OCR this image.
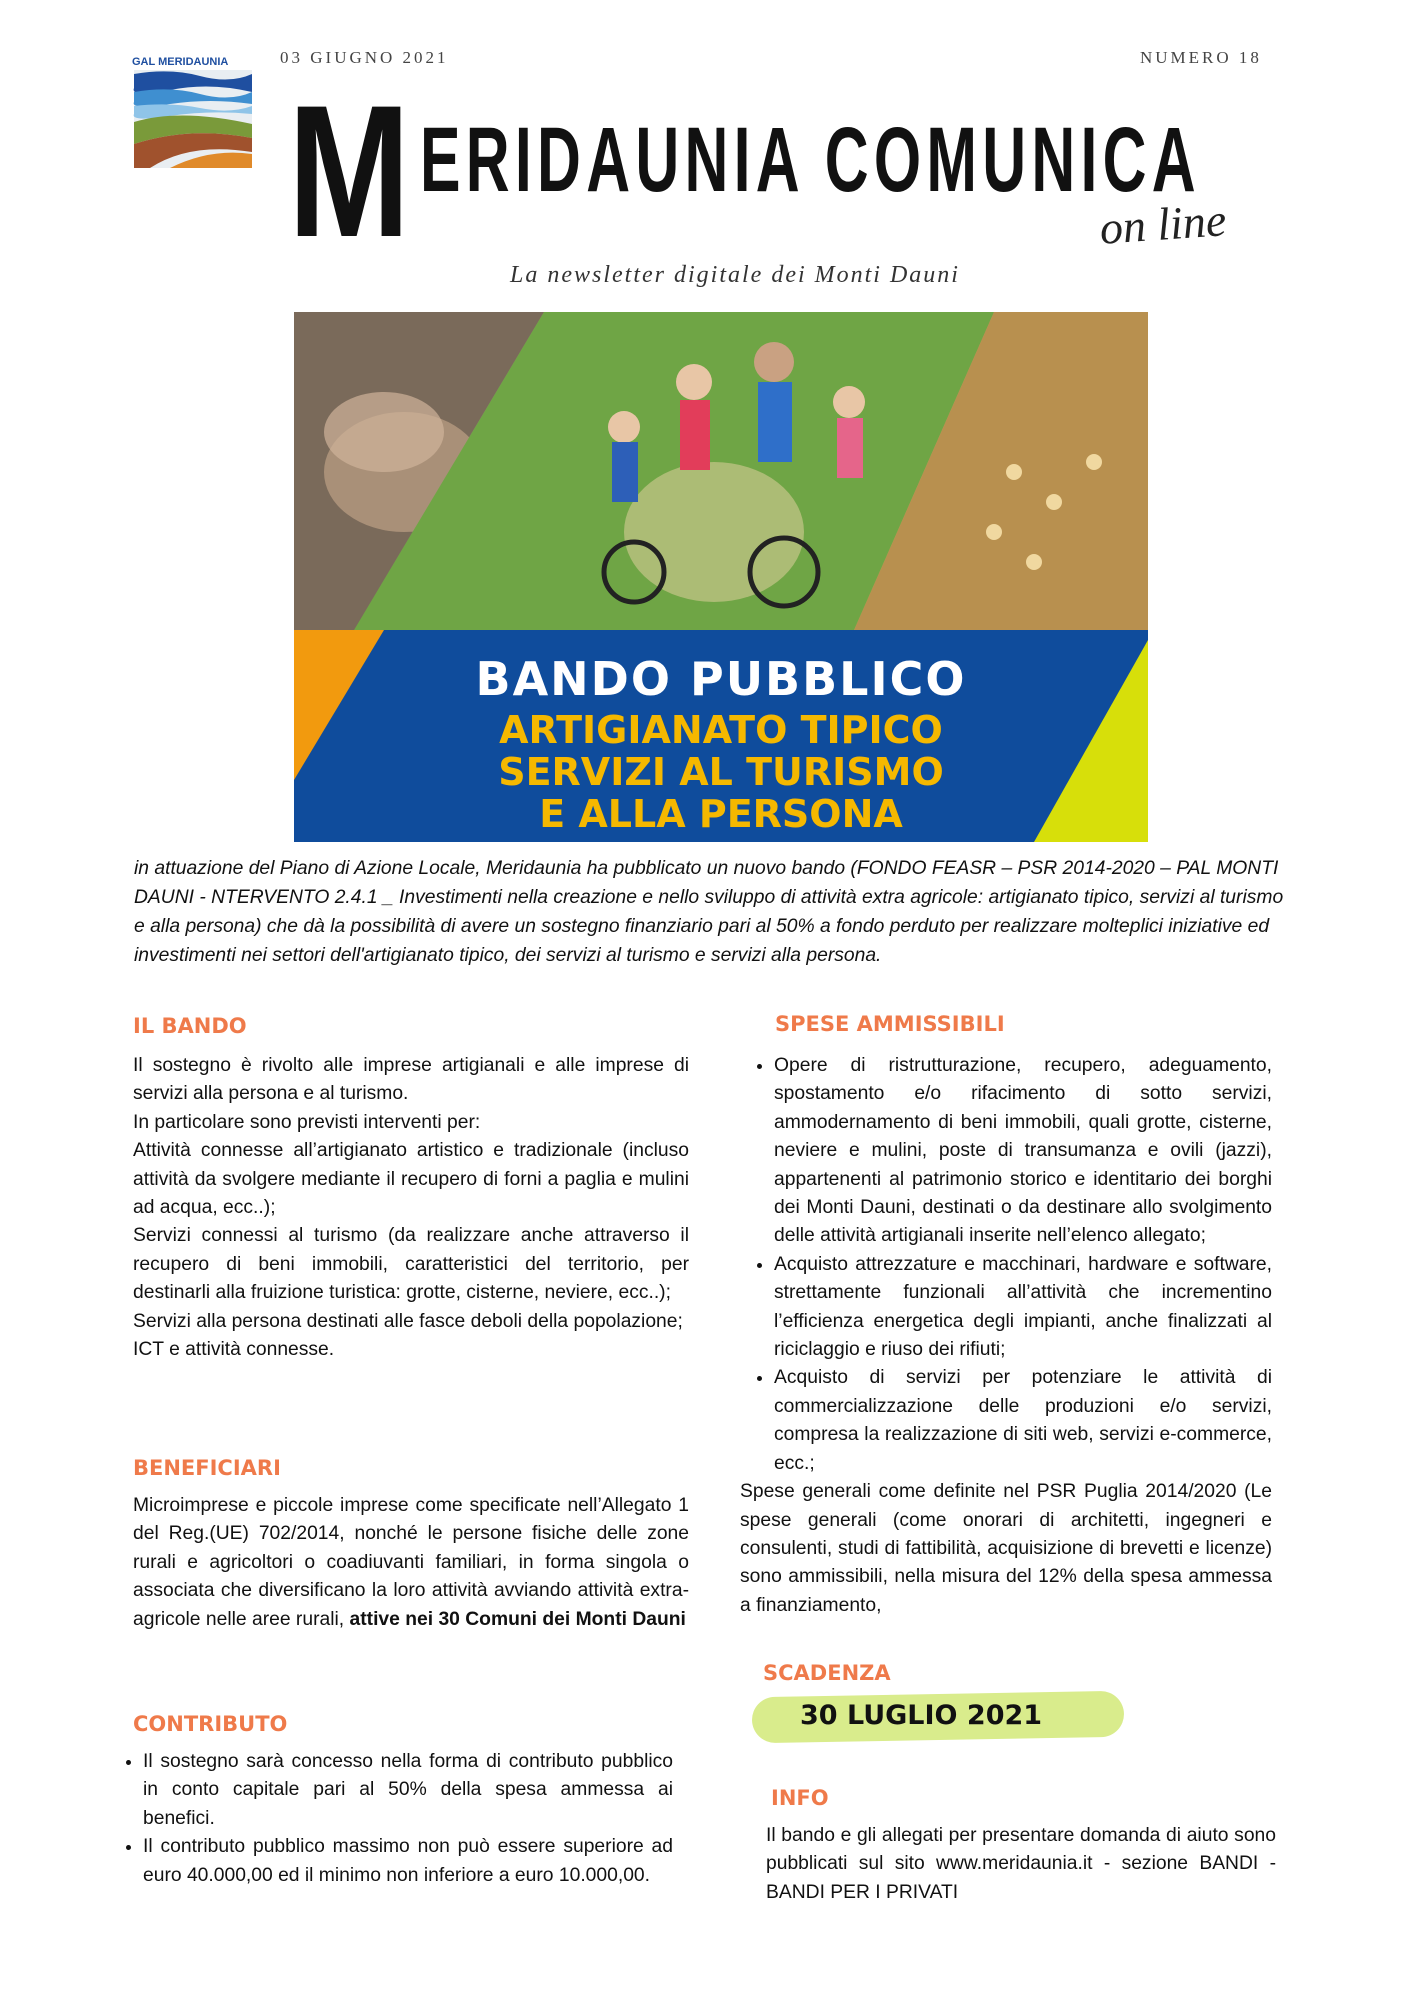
GAL MERIDAUNIA	03 GIUGNO 2021	NUMERO 18
M ERIDAUNIA COMUNICA
on line
La newsletter digitale dei Monti Dauni
BANDO PUBBLICO
ARTIGIANATO TIPICO
SERVIZI AL TURISMO
E ALLA PERSONA
in attuazione del Piano di Azione Locale, Meridaunia ha pubblicato un nuovo bando (FONDO FEASR – PSR 2014-2020 – PAL MONTI DAUNI - NTERVENTO 2.4.1 _ Investimenti nella creazione e nello sviluppo di attività extra agricole: artigianato tipico, servizi al turismo e alla persona) che dà la possibilità di avere un sostegno finanziario pari al 50% a fondo perduto per realizzare molteplici iniziative ed investimenti nei settori dell'artigianato tipico, dei servizi al turismo e servizi alla persona.
IL BANDO

Il sostegno è rivolto alle imprese artigianali e alle imprese di servizi alla persona e al turismo.

In particolare sono previsti interventi per:

Attività connesse all’artigianato artistico e tradizionale (incluso attività da svolgere mediante il recupero di forni a paglia e mulini ad acqua, ecc..);

Servizi connessi al turismo (da realizzare anche attraverso il recupero di beni immobili, caratteristici del territorio, per destinarli alla fruizione turistica: grotte, cisterne, neviere, ecc..);

Servizi alla persona destinati alle fasce deboli della popolazione;

ICT e attività connesse.

BENEFICIARI
Microimprese e piccole imprese come specificate nell’Allegato 1 del Reg.(UE) 702/2014, nonché le persone fisiche delle zone rurali e agricoltori o coadiuvanti familiari, in forma singola o associata che diversificano la loro attività avviando attività extra-agricole nelle aree rurali, attive nei 30 Comuni dei Monti Dauni
CONTRIBUTO
• Il sostegno sarà concesso nella forma di contributo pubblico in conto capitale pari al 50% della spesa ammessa ai benefici.
• Il contributo pubblico massimo non può essere superiore ad euro 40.000,00 ed il minimo non inferiore a euro 10.000,00.
SPESE AMMISSIBILI
• Opere di ristrutturazione, recupero, adeguamento, spostamento e/o rifacimento di sotto servizi, ammodernamento di beni immobili, quali grotte, cisterne, neviere e mulini, poste di transumanza e ovili (jazzi), appartenenti al patrimonio storico e identitario dei borghi dei Monti Dauni, destinati o da destinare allo svolgimento delle attività artigianali inserite nell’elenco allegato;
• Acquisto attrezzature e macchinari, hardware e software, strettamente funzionali all’attività che incrementino l’efficienza energetica degli impianti, anche finalizzati al riciclaggio e riuso dei rifiuti;
• Acquisto di servizi per potenziare le attività di commercializzazione delle produzioni e/o servizi, compresa la realizzazione di siti web, servizi e-commerce, ecc.;

Spese generali come definite nel PSR Puglia 2014/2020 (Le spese generali (come onorari di architetti, ingegneri e consulenti, studi di fattibilità, acquisizione di brevetti e licenze) sono ammissibili, nella misura del 12% della spesa ammessa a finanziamento,

SCADENZA
30 LUGLIO 2021
INFO
Il bando e gli allegati per presentare domanda di aiuto sono pubblicati sul sito www.meridaunia.it - sezione BANDI - BANDI PER I PRIVATI
